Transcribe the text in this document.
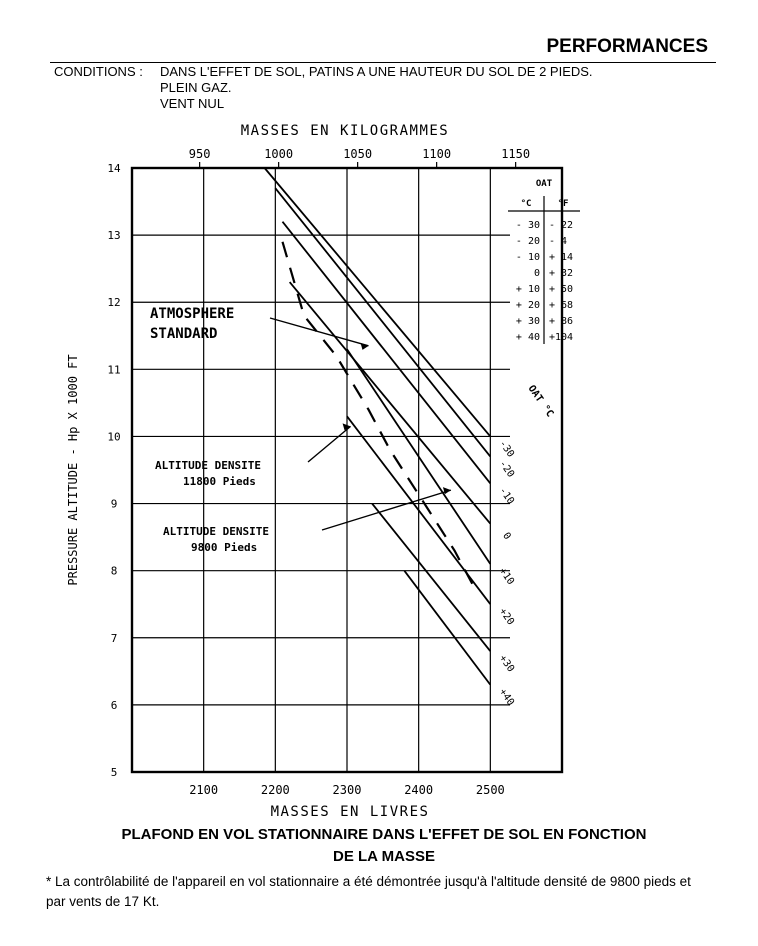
PERFORMANCES
CONDITIONS : DANS L'EFFET DE SOL, PATINS A UNE HAUTEUR DU SOL DE 2 PIEDS.
PLEIN GAZ.
VENT NUL
5
6
7
8
9
10
11
12
13
14
2100	2200	2300	2400	2500
950	1000	1050	1100	1150
MASSES EN KILOGRAMMES
MASSES EN LIVRES
PRESSURE ALTITUDE - Hp X 1000 FT
OAT
°C	°F
- 30 - 22
- 20 - 4
- 10 + 14
0 + 32
+ 10 + 50
+ 20 + 68
+ 30 + 86
+ 40 +104
-30
-20
-10
0
+10
+20
+30
+40
OAT °C
ATMOSPHERE
STANDARD
ALTITUDE DENSITE
11800 Pieds
ALTITUDE DENSITE
9800 Pieds
PLAFOND EN VOL STATIONNAIRE DANS L'EFFET DE SOL EN FONCTION
DE LA MASSE
* La contrôlabilité de l'appareil en vol stationnaire a été démontrée jusqu'à l'altitude densité de 9800 pieds et par vents de 17 Kt.
